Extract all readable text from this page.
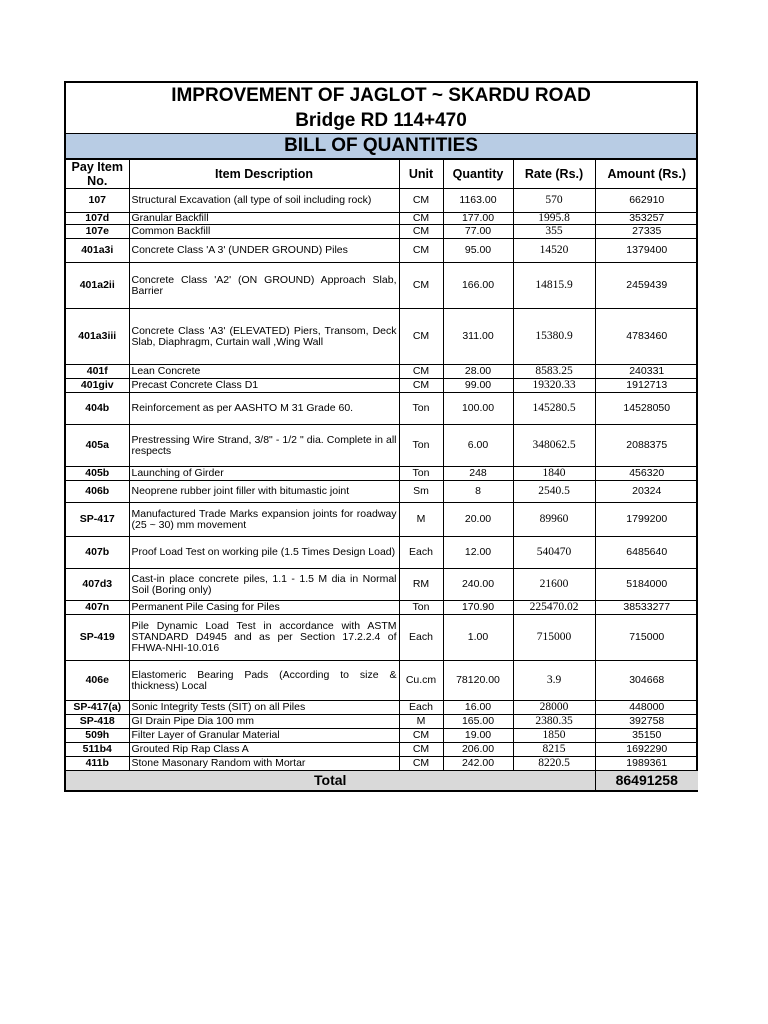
IMPROVEMENT OF JAGLOT ~ SKARDU ROAD
Bridge RD 114+470
BILL OF QUANTITIES
Pay Item No.	Item Description	Unit	Quantity	Rate (Rs.)	Amount (Rs.)
107	Structural Excavation (all type of soil including rock)	CM	1163.00	570	662910
107d	Granular Backfill	CM	177.00	1995.8	353257
107e	Common Backfill	CM	77.00	355	27335
401a3i	Concrete Class 'A 3' (UNDER GROUND) Piles	CM	95.00	14520	1379400
401a2ii	Concrete Class 'A2' (ON GROUND) Approach Slab, Barrier	CM	166.00	14815.9	2459439
401a3iii	Concrete Class 'A3' (ELEVATED) Piers, Transom, Deck Slab, Diaphragm, Curtain wall ,Wing Wall	CM	311.00	15380.9	4783460
401f	Lean Concrete	CM	28.00	8583.25	240331
401giv	Precast Concrete Class D1	CM	99.00	19320.33	1912713
404b	Reinforcement as per AASHTO M 31 Grade 60.	Ton	100.00	145280.5	14528050
405a	Prestressing Wire Strand, 3/8" - 1/2 " dia. Complete in all respects	Ton	6.00	348062.5	2088375
405b	Launching of Girder	Ton	248	1840	456320
406b	Neoprene rubber joint filler with bitumastic joint	Sm	8	2540.5	20324
SP-417	Manufactured Trade Marks expansion joints for roadway (25 ~ 30) mm movement	M	20.00	89960	1799200
407b	Proof Load Test on working pile (1.5 Times Design Load)	Each	12.00	540470	6485640
407d3	Cast-in place concrete piles, 1.1 - 1.5 M dia in Normal Soil (Boring only)	RM	240.00	21600	5184000
407n	Permanent Pile Casing for Piles	Ton	170.90	225470.02	38533277
SP-419	Pile Dynamic Load Test in accordance with ASTM STANDARD D4945 and as per Section 17.2.2.4 of FHWA-NHI-10.016	Each	1.00	715000	715000
406e	Elastomeric Bearing Pads (According to size & thickness) Local	Cu.cm	78120.00	3.9	304668
SP-417(a)	Sonic Integrity Tests (SIT) on all Piles	Each	16.00	28000	448000
SP-418	GI Drain Pipe Dia 100 mm	M	165.00	2380.35	392758
509h	Filter Layer of Granular Material	CM	19.00	1850	35150
511b4	Grouted Rip Rap Class A	CM	206.00	8215	1692290
411b	Stone Masonary Random with Mortar	CM	242.00	8220.5	1989361
Total					86491258
